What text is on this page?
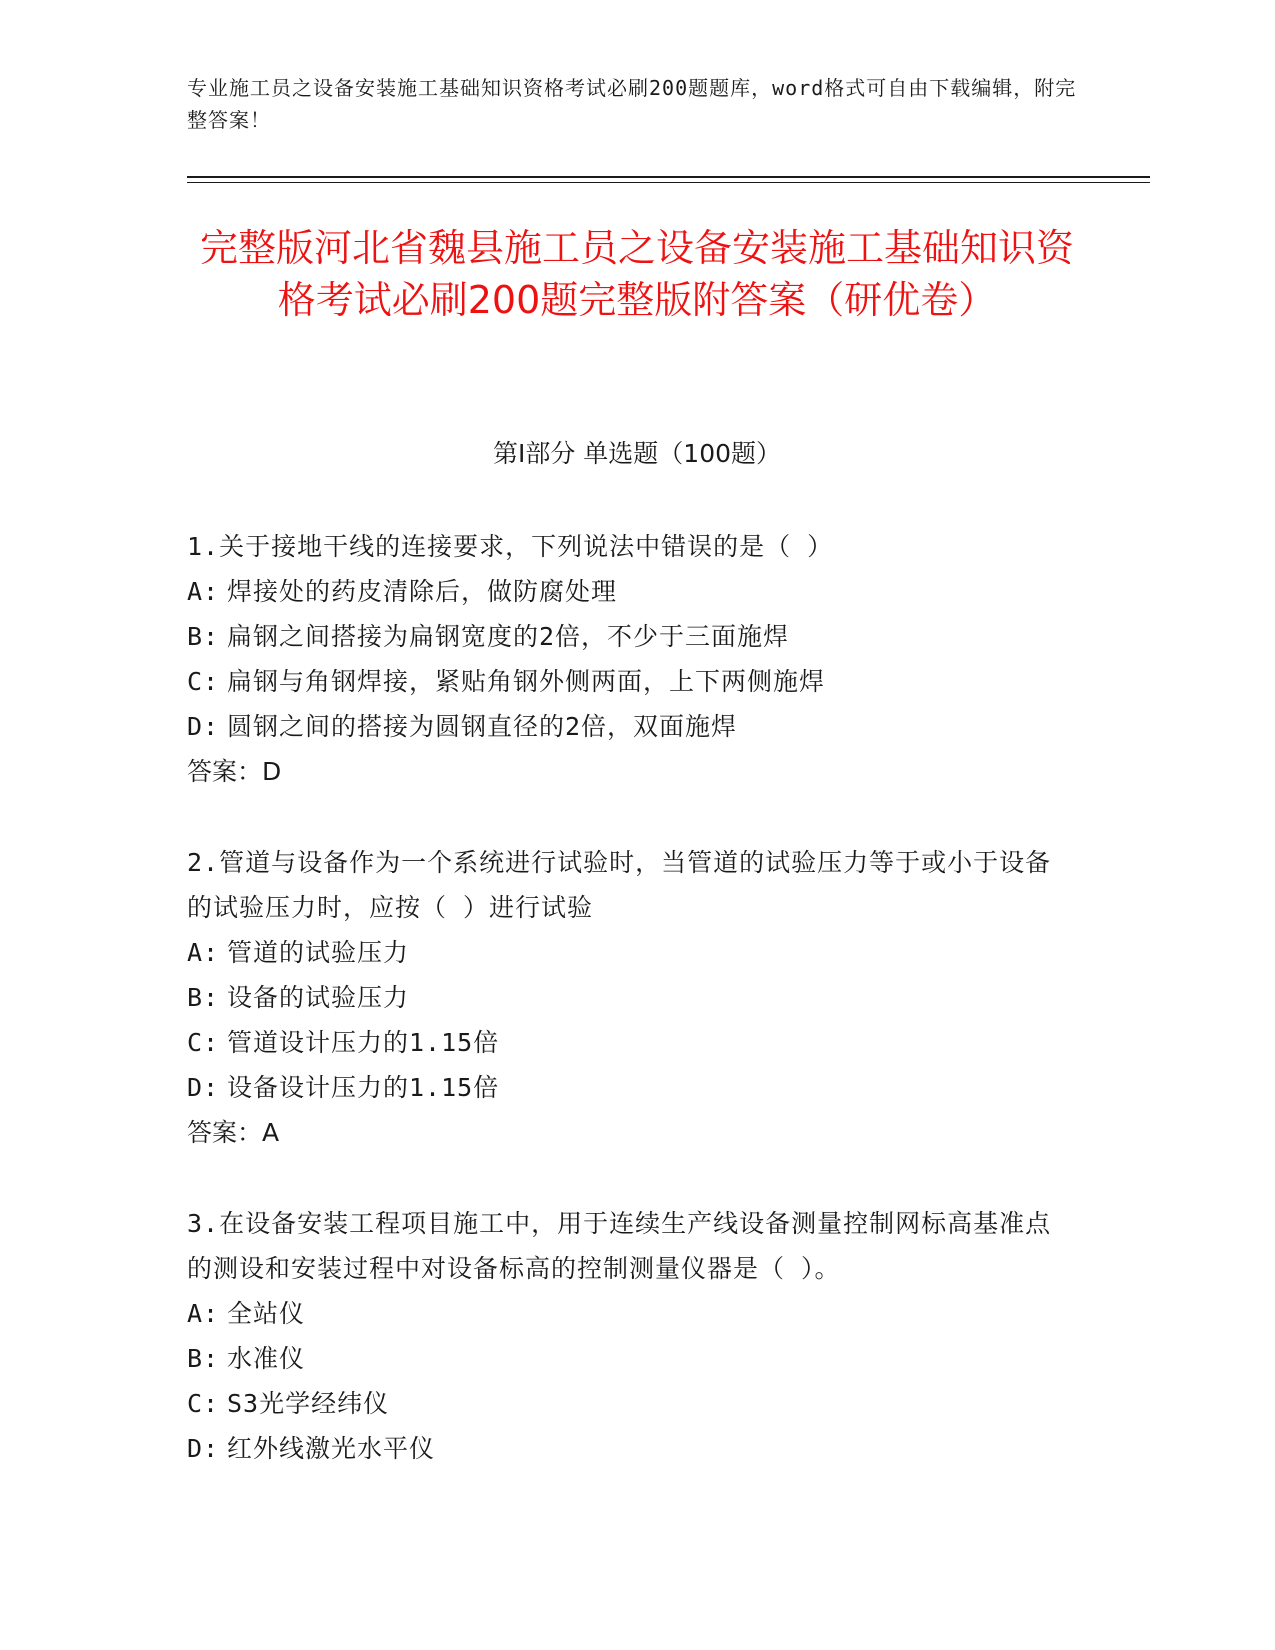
专业施工员之设备安装施工基础知识资格考试必刷200题题库，word格式可自由下载编辑，附完整答案！
完整版河北省魏县施工员之设备安装施工基础知识资格考试必刷200题完整版附答案（研优卷）
第Ⅰ部分 单选题（100题）
1.关于接地干线的连接要求，下列说法中错误的是（ ）
A: 焊接处的药皮清除后，做防腐处理
B: 扁钢之间搭接为扁钢宽度的2倍，不少于三面施焊
C: 扁钢与角钢焊接，紧贴角钢外侧两面，上下两侧施焊
D: 圆钢之间的搭接为圆钢直径的2倍，双面施焊
答案：D
2.管道与设备作为一个系统进行试验时，当管道的试验压力等于或小于设备的试验压力时，应按（ ）进行试验
A: 管道的试验压力
B: 设备的试验压力
C: 管道设计压力的1.15倍
D: 设备设计压力的1.15倍
答案：A
3.在设备安装工程项目施工中，用于连续生产线设备测量控制网标高基准点的测设和安装过程中对设备标高的控制测量仪器是（ ）。
A: 全站仪
B: 水准仪
C: S3光学经纬仪
D: 红外线激光水平仪
